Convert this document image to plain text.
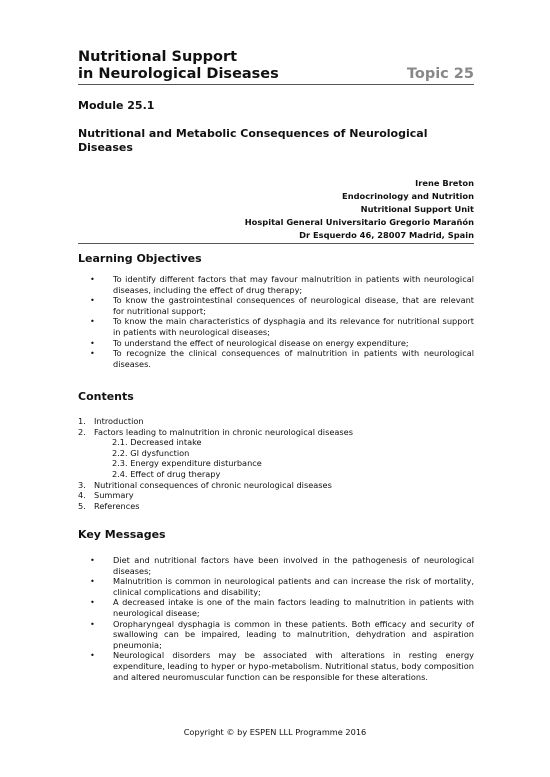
Nutritional Support
in Neurological Diseases	Topic 25
Module 25.1
Nutritional and Metabolic Consequences of Neurological Diseases
Irene Breton
Endocrinology and Nutrition
Nutritional Support Unit
Hospital General Universitario Gregorio Marañón
Dr Esquerdo 46, 28007 Madrid, Spain
Learning Objectives
• To identify different factors that may favour malnutrition in patients with neurological diseases, including the effect of drug therapy;
• To know the gastrointestinal consequences of neurological disease, that are relevant for nutritional support;
• To know the main characteristics of dysphagia and its relevance for nutritional support in patients with neurological diseases;
• To understand the effect of neurological disease on energy expenditure;
• To recognize the clinical consequences of malnutrition in patients with neurological diseases.
Contents
1. Introduction
2. Factors leading to malnutrition in chronic neurological diseases
2.1. Decreased intake
2.2. GI dysfunction
2.3. Energy expenditure disturbance
2.4. Effect of drug therapy
3. Nutritional consequences of chronic neurological diseases
4. Summary
5. References
Key Messages
• Diet and nutritional factors have been involved in the pathogenesis of neurological diseases;
• Malnutrition is common in neurological patients and can increase the risk of mortality, clinical complications and disability;
• A decreased intake is one of the main factors leading to malnutrition in patients with neurological disease;
• Oropharyngeal dysphagia is common in these patients. Both efficacy and security of swallowing can be impaired, leading to malnutrition, dehydration and aspiration pneumonia;
• Neurological disorders may be associated with alterations in resting energy expenditure, leading to hyper or hypo-metabolism. Nutritional status, body composition and altered neuromuscular function can be responsible for these alterations.
Copyright © by ESPEN LLL Programme 2016
